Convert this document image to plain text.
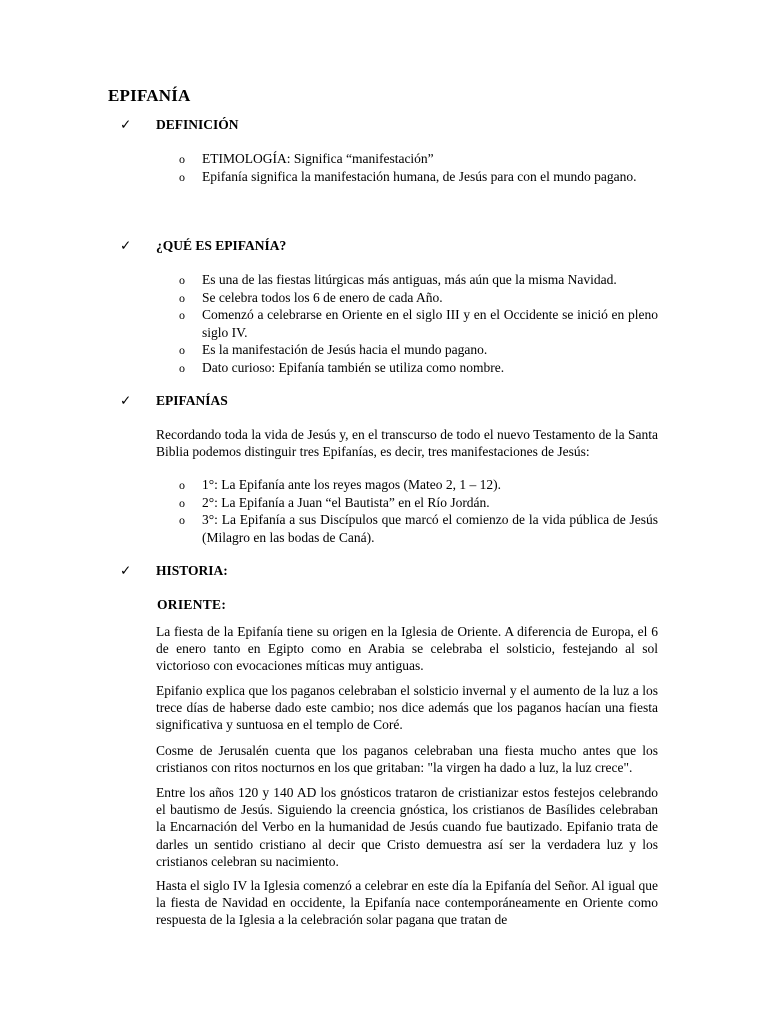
EPIFANÍA
✓ DEFINICIÓN
o ETIMOLOGÍA: Significa “manifestación”
o Epifanía significa la manifestación humana, de Jesús para con el mundo pagano.
✓ ¿QUÉ ES EPIFANÍA?
o Es una de las fiestas litúrgicas más antiguas, más aún que la misma Navidad.
o Se celebra todos los 6 de enero de cada Año.
o Comenzó a celebrarse en Oriente en el siglo III y en el Occidente se inició en pleno siglo IV.
o Es la manifestación de Jesús hacia el mundo pagano.
o Dato curioso: Epifanía también se utiliza como nombre.
✓ EPIFANÍAS

Recordando toda la vida de Jesús y, en el transcurso de todo el nuevo Testamento de la Santa Biblia podemos distinguir tres Epifanías, es decir, tres manifestaciones de Jesús:

o 1°: La Epifanía ante los reyes magos (Mateo 2, 1 – 12).
o 2°: La Epifanía a Juan “el Bautista” en el Río Jordán.
o 3°: La Epifanía a sus Discípulos que marcó el comienzo de la vida pública de Jesús (Milagro en las bodas de Caná).
✓ HISTORIA:
ORIENTE:

La fiesta de la Epifanía tiene su origen en la Iglesia de Oriente. A diferencia de Europa, el 6 de enero tanto en Egipto como en Arabia se celebraba el solsticio, festejando al sol victorioso con evocaciones míticas muy antiguas.

Epifanio explica que los paganos celebraban el solsticio invernal y el aumento de la luz a los trece días de haberse dado este cambio; nos dice además que los paganos hacían una fiesta significativa y suntuosa en el templo de Coré.

Cosme de Jerusalén cuenta que los paganos celebraban una fiesta mucho antes que los cristianos con ritos nocturnos en los que gritaban: "la virgen ha dado a luz, la luz crece".

Entre los años 120 y 140 AD los gnósticos trataron de cristianizar estos festejos celebrando el bautismo de Jesús. Siguiendo la creencia gnóstica, los cristianos de Basílides celebraban la Encarnación del Verbo en la humanidad de Jesús cuando fue bautizado. Epifanio trata de darles un sentido cristiano al decir que Cristo demuestra así ser la verdadera luz y los cristianos celebran su nacimiento.

Hasta el siglo IV la Iglesia comenzó a celebrar en este día la Epifanía del Señor. Al igual que la fiesta de Navidad en occidente, la Epifanía nace contemporáneamente en Oriente como respuesta de la Iglesia a la celebración solar pagana que tratan de
